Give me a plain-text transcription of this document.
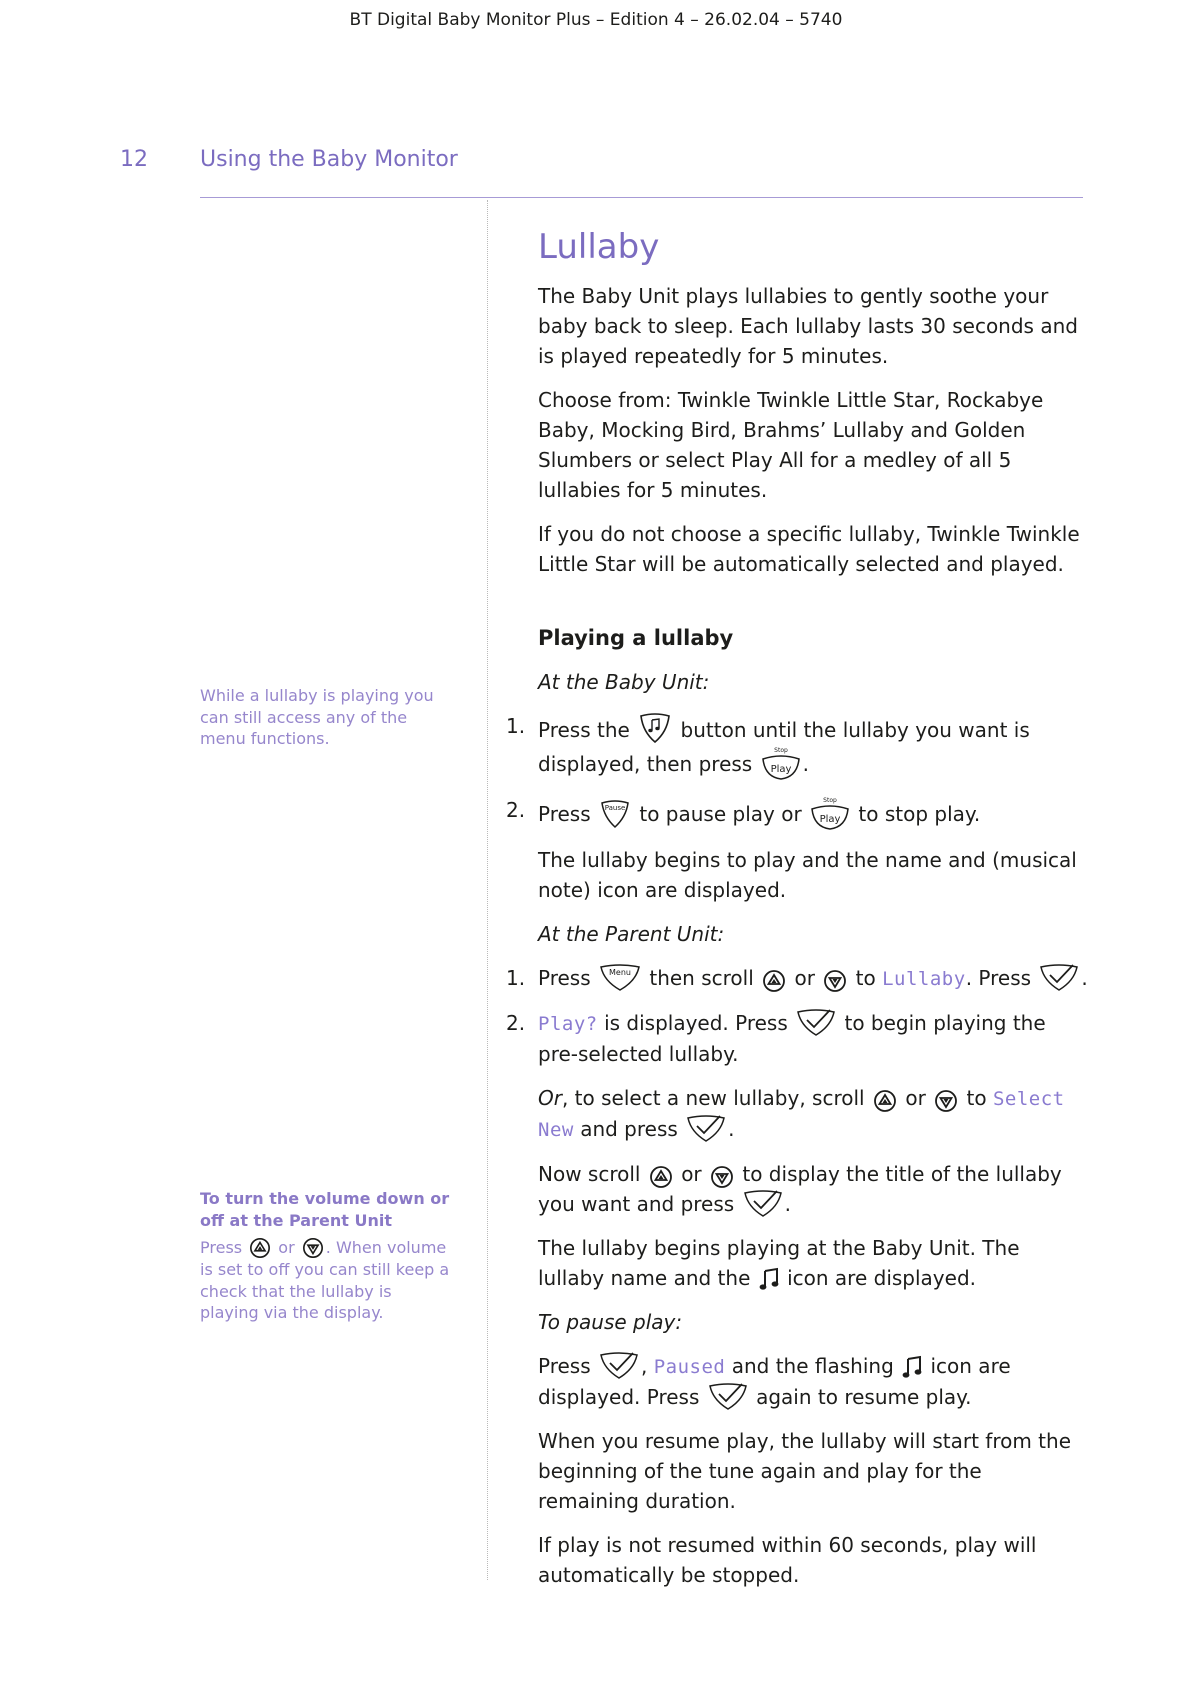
BT Digital Baby Monitor Plus – Edition 4 – 26.02.04 – 5740
12 Using the Baby Monitor
While a lullaby is playing you can still access any of the menu functions.
To turn the volume down or off at the Parent Unit
Press or . When volume is set to off you can still keep a check that the lullaby is playing via the display.
Lullaby

The Baby Unit plays lullabies to gently soothe your baby back to sleep. Each lullaby lasts 30 seconds and is played repeatedly for 5 minutes.

Choose from: Twinkle Twinkle Little Star, Rockabye Baby, Mocking Bird, Brahms’ Lullaby and Golden Slumbers or select Play All for a medley of all 5 lullabies for 5 minutes.

If you do not choose a specific lullaby, Twinkle Twinkle Little Star will be automatically selected and played.

Playing a lullaby

At the Baby Unit:

1. Press the	button until the lullaby you want is displayed, then press
Stop
Play .
2. Press Pause to pause play or
Stop
Play to stop play.

The lullaby begins to play and the name and (musical note) icon are displayed.

At the Parent Unit:

1. Press Menu then scroll or to Lullaby. Press	.
2. Play? is displayed. Press	to begin playing the pre-selected lullaby.

Or, to select a new lullaby, scroll or to Select New and press	.

Now scroll or to display the title of the lullaby you want and press	.

The lullaby begins playing at the Baby Unit. The lullaby name and the icon are displayed.

To pause play:

Press	, Paused and the flashing icon are displayed. Press	again to resume play.

When you resume play, the lullaby will start from the beginning of the tune again and play for the remaining duration.

If play is not resumed within 60 seconds, play will automatically be stopped.
